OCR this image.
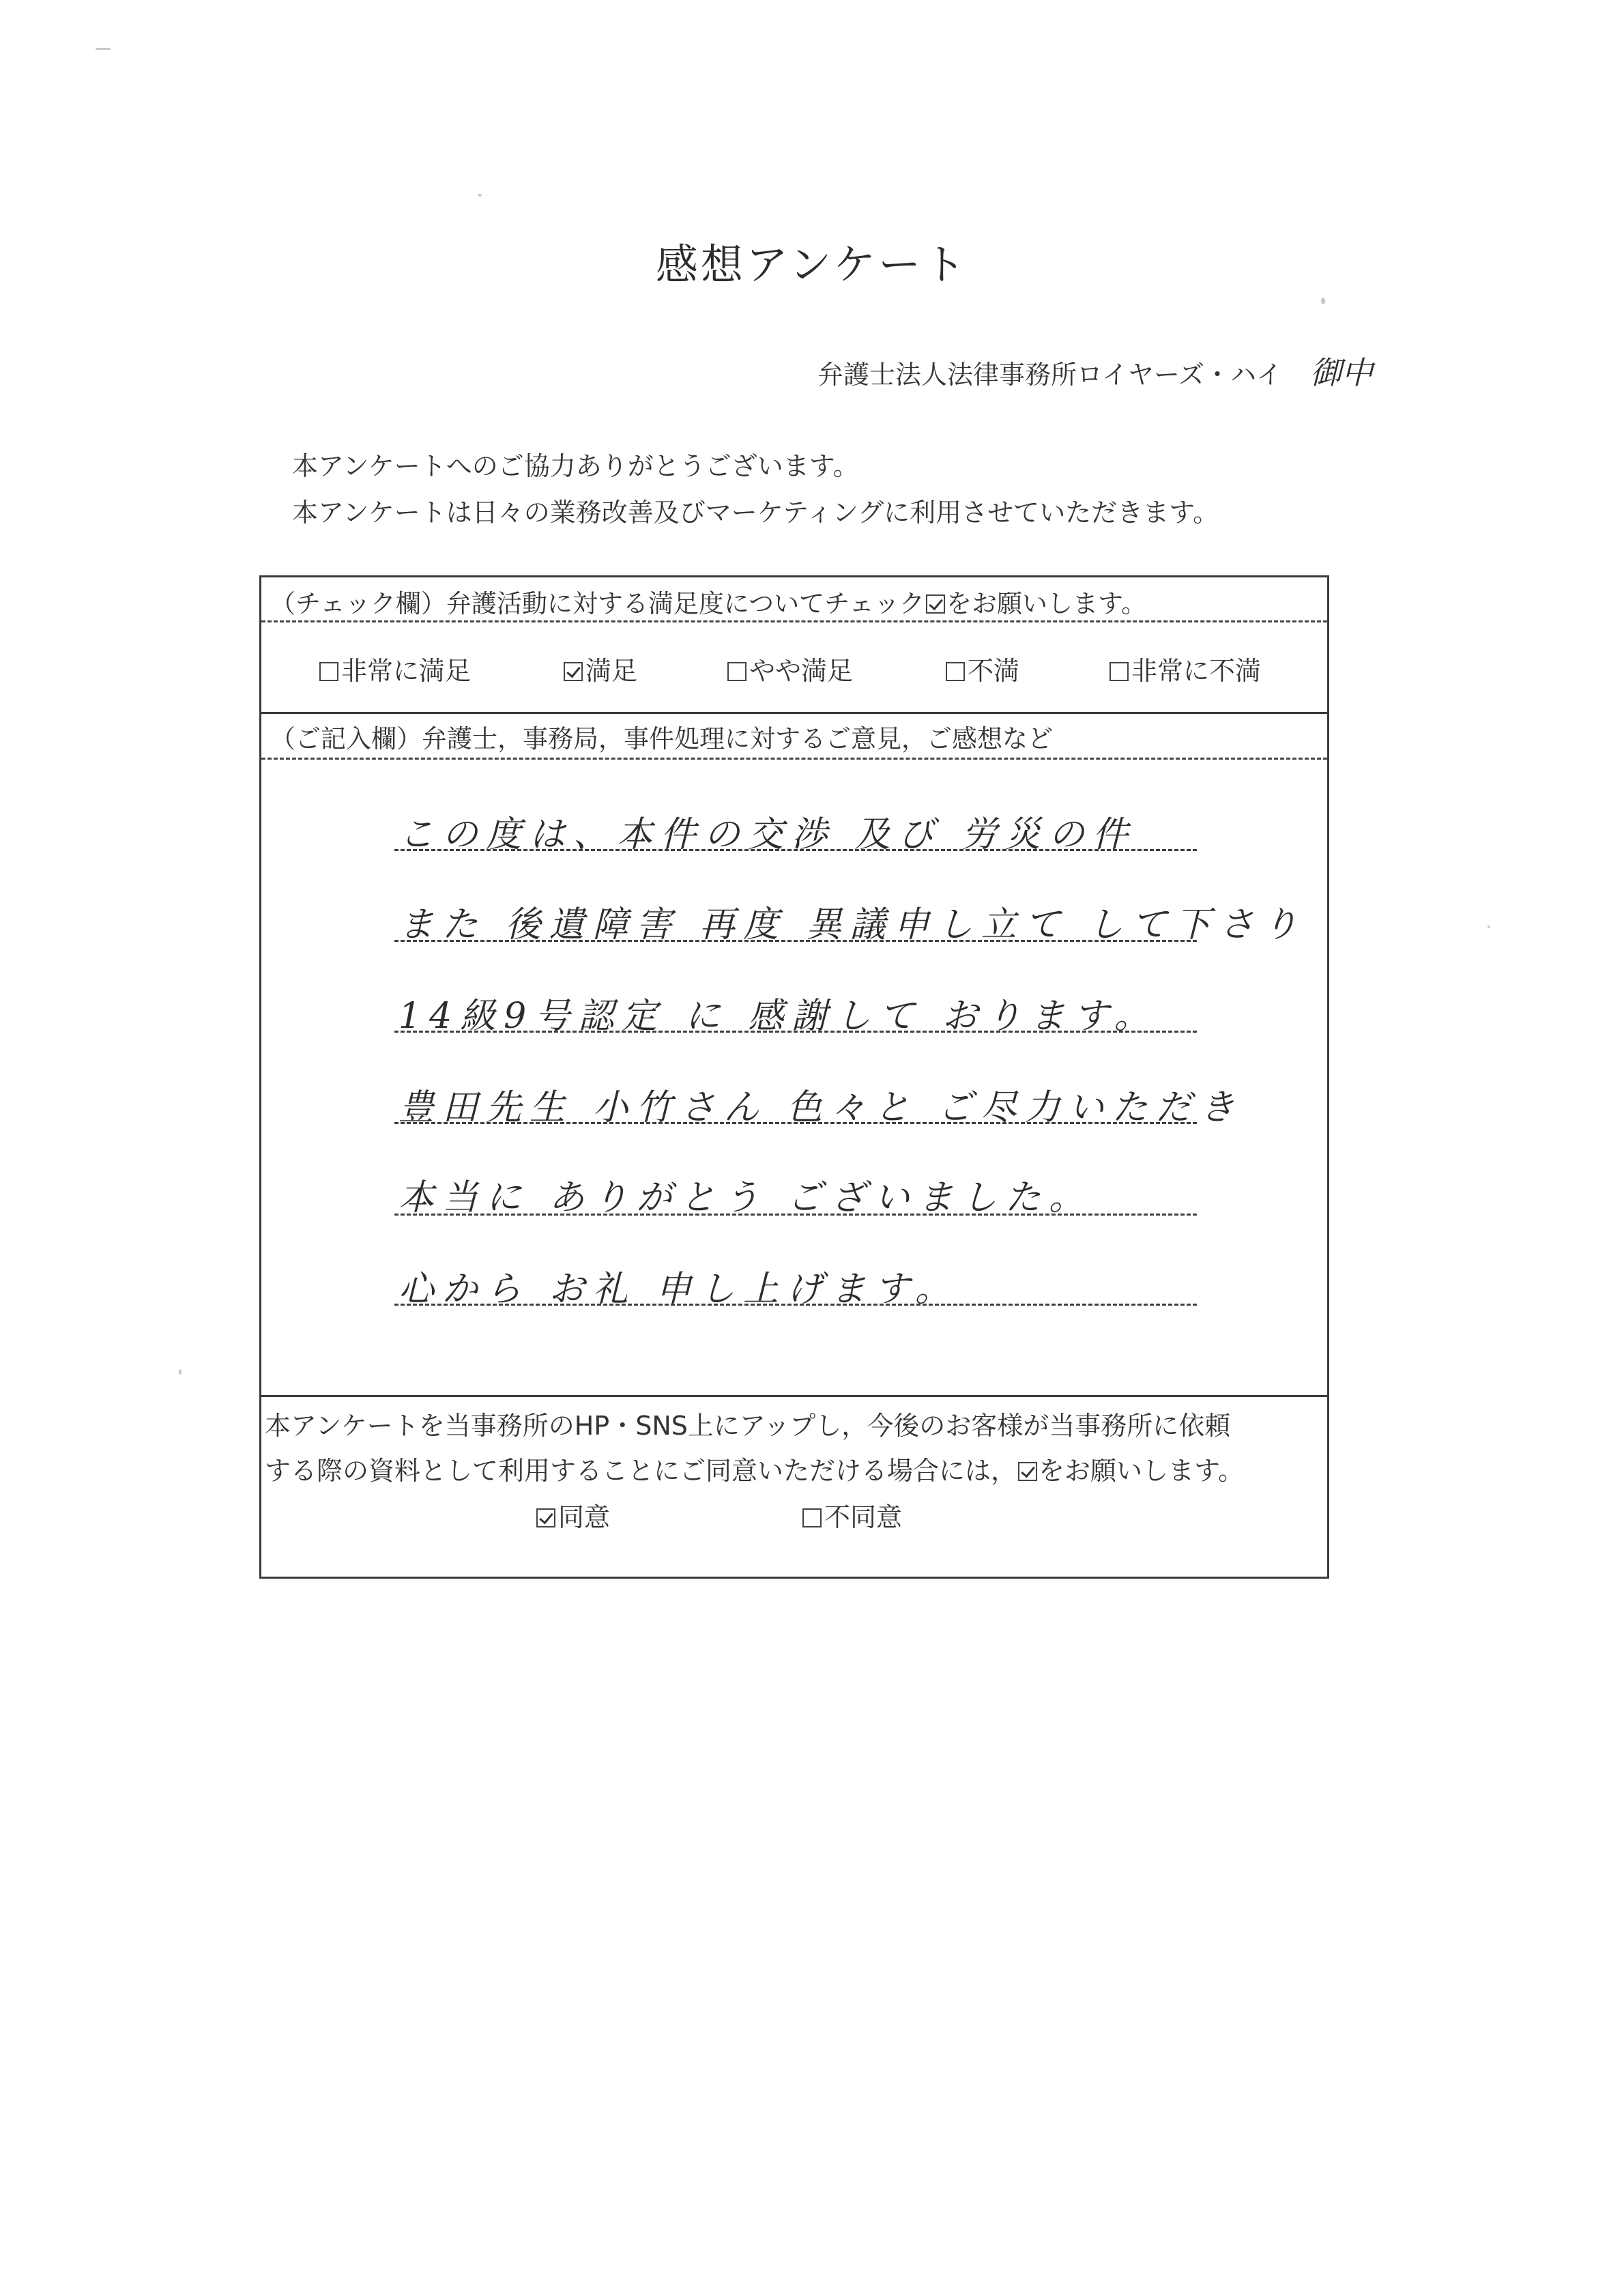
感想アンケート
弁護士法人法律事務所ロイヤーズ・ハイ 御中
本アンケートへのご協力ありがとうございます。
本アンケートは日々の業務改善及びマーケティングに利用させていただきます。
（チェック欄）弁護活動に対する満足度についてチェック をお願いします。
非常に満足	満足	やや満足	不満	非常に不満
（ご記入欄）弁護士，事務局，事件処理に対するご意見，ご感想など
この度は、本件の交渉 及び 労災の件
また 後遺障害 再度 異議申し立て して下さり
14級9号認定 に 感謝して おります。
豊田先生 小竹さん 色々と ご尽力いただき
本当に ありがとう ございました。
心から お礼 申し上げます。
本アンケートを当事務所のHP・SNS上にアップし，今後のお客様が当事務所に依頼
する際の資料として利用することにご同意いただける場合には， をお願いします。
同意	不同意
